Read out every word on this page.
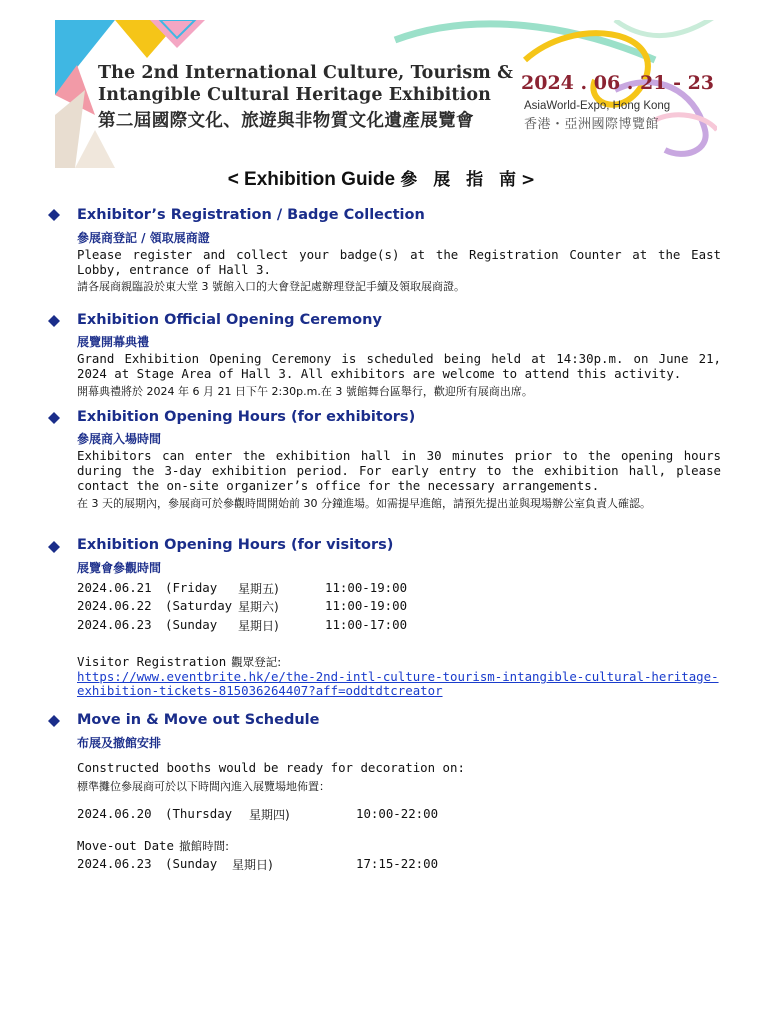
The 2nd International Culture, Tourism &
Intangible Cultural Heritage Exhibition
第二屆國際文化、旅遊與非物質文化遺產展覽會
2024 . 06 . 21 - 23
AsiaWorld-Expo, Hong Kong
香港・亞洲國際博覽館
< Exhibition Guide 參 展 指 南>
Exhibitor’s Registration / Badge Collection
參展商登記 / 領取展商證
Please register and collect your badge(s) at the Registration Counter at the East Lobby, entrance of Hall 3.
請各展商親臨設於東大堂 3 號館入口的大會登記處辦理登記手續及領取展商證。
Exhibition Official Opening Ceremony
展覽開幕典禮
Grand Exhibition Opening Ceremony is scheduled being held at 14:30p.m. on June 21, 2024 at Stage Area of Hall 3. All exhibitors are welcome to attend this activity.
開幕典禮將於 2024 年 6 月 21 日下午 2:30p.m.在 3 號館舞台區舉行，歡迎所有展商出席。
Exhibition Opening Hours (for exhibitors)
參展商入場時間
Exhibitors can enter the exhibition hall in 30 minutes prior to the opening hours during the 3-day exhibition period. For early entry to the exhibition hall, please contact the on-site organizer’s office for the necessary arrangements.
在 3 天的展期內，參展商可於參觀時間開始前 30 分鐘進場。如需提早進館，請預先提出並與現場辦公室負責人確認。
Exhibition Opening Hours (for visitors)
展覽會參觀時間
2024.06.21 (Friday 星期五)	11:00-19:00
2024.06.22 (Saturday 星期六)	11:00-19:00
2024.06.23 (Sunday 星期日)	11:00-17:00
Visitor Registration 觀眾登記:
https://www.eventbrite.hk/e/the-2nd-intl-culture-tourism-intangible-cultural-heritage-exhibition-tickets-815036264407?aff=oddtdtcreator
Move in & Move out Schedule
布展及撤館安排
Constructed booths would be ready for decoration on:
標準攤位參展商可於以下時間內進入展覽場地佈置：
2024.06.20 (Thursday 星期四)	10:00-22:00
Move-out Date 撤館時間:
2024.06.23 (Sunday 星期日)	17:15-22:00
